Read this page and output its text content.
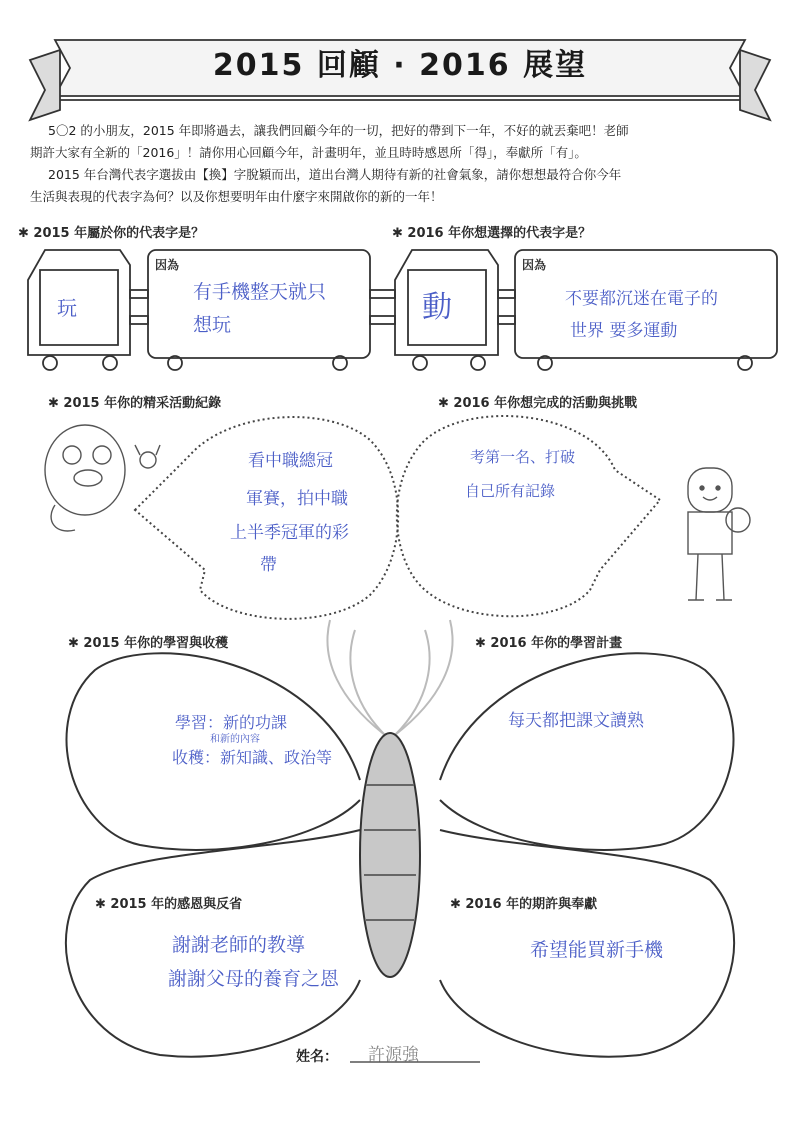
2015 回顧 · 2016 展望
5〇2 的小朋友，2015 年即將過去，讓我們回顧今年的一切，把好的帶到下一年，不好的就丟棄吧！老師
期許大家有全新的「2016」！請你用心回顧今年，計畫明年，並且時時感恩所「得」，奉獻所「有」。
2015 年台灣代表字選拔由【換】字脫穎而出，道出台灣人期待有新的社會氣象，請你想想最符合你今年
生活與表現的代表字為何？以及你想要明年由什麼字來開啟你的新的一年！
✱ 2015 年屬於你的代表字是？	✱ 2016 年你想選擇的代表字是？
✱ 2015 年你的精采活動紀錄	✱ 2016 年你想完成的活動與挑戰
✱ 2015 年你的學習與收穫	✱ 2016 年你的學習計畫
✱ 2015 年的感恩與反省	✱ 2016 年的期許與奉獻
因為	因為
玩
有手機整天就只
想玩	動	不要都沉迷在電子的
世界 要多運動
看中職總冠
軍賽，拍中職
上半季冠軍的彩
帶
考第一名、打破
自己所有記錄
學習：新的功課
和新的內容
收穫：新知識、政治等
每天都把課文讀熟
謝謝老師的教導
謝謝父母的養育之恩
希望能買新手機
姓名： 許源強
